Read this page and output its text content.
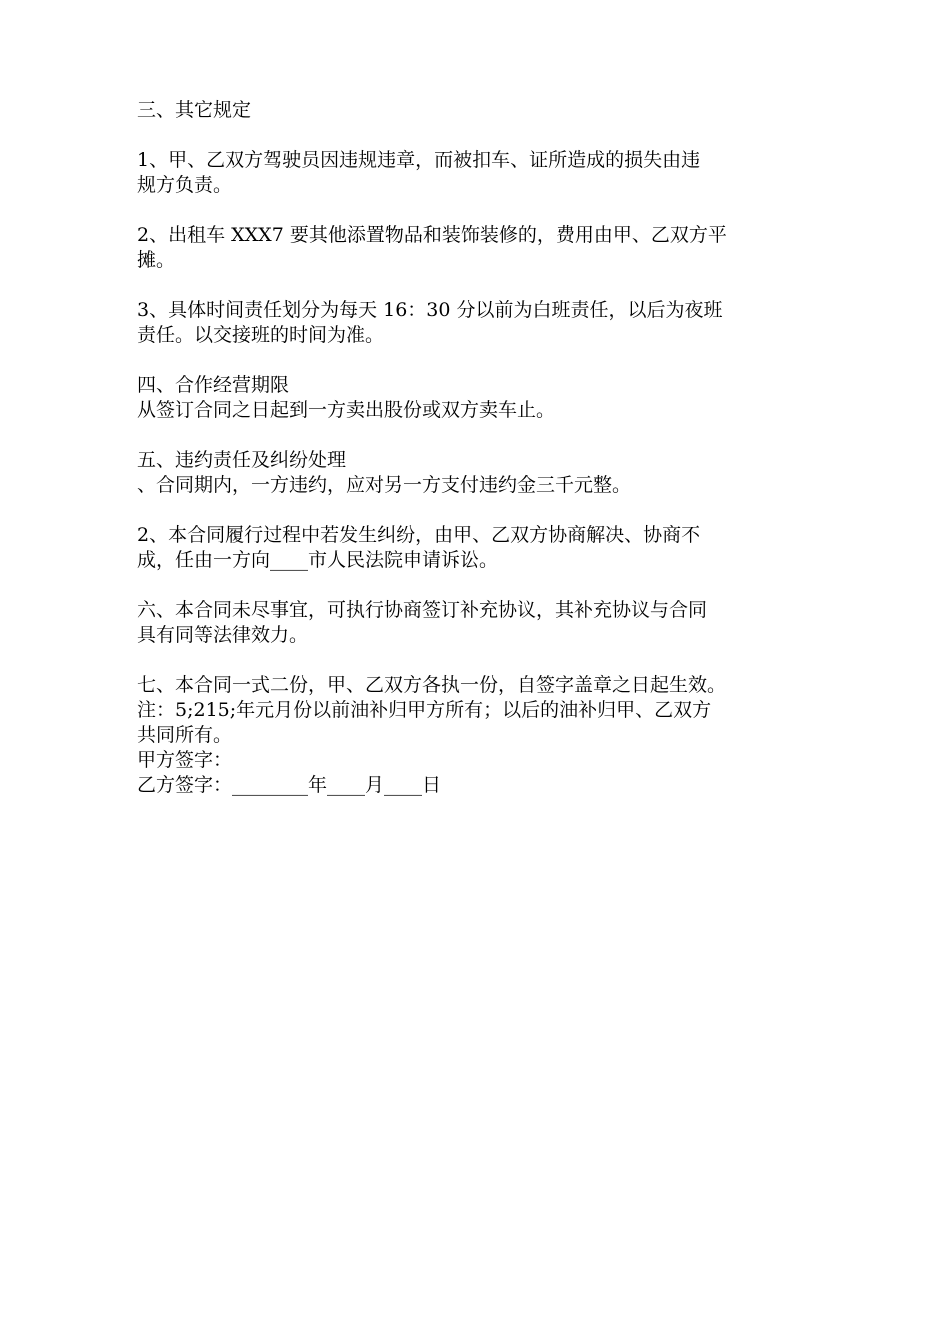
三、其它规定
1、甲、乙双方驾驶员因违规违章，而被扣车、证所造成的损失由违
规方负责。
2、出租车 XXX7 要其他添置物品和装饰装修的，费用由甲、乙双方平
摊。
3、具体时间责任划分为每天 16：30 分以前为白班责任，以后为夜班
责任。以交接班的时间为准。
四、合作经营期限
从签订合同之日起到一方卖出股份或双方卖车止。
五、违约责任及纠纷处理
、合同期内，一方违约，应对另一方支付违约金三千元整。
2、本合同履行过程中若发生纠纷，由甲、乙双方协商解决、协商不
成，任由一方向____市人民法院申请诉讼。
六、本合同未尽事宜，可执行协商签订补充协议，其补充协议与合同
具有同等法律效力。
七、本合同一式二份，甲、乙双方各执一份，自签字盖章之日起生效。
注：5;215;年元月份以前油补归甲方所有；以后的油补归甲、乙双方
共同所有。
甲方签字：
乙方签字：________年____月____日
